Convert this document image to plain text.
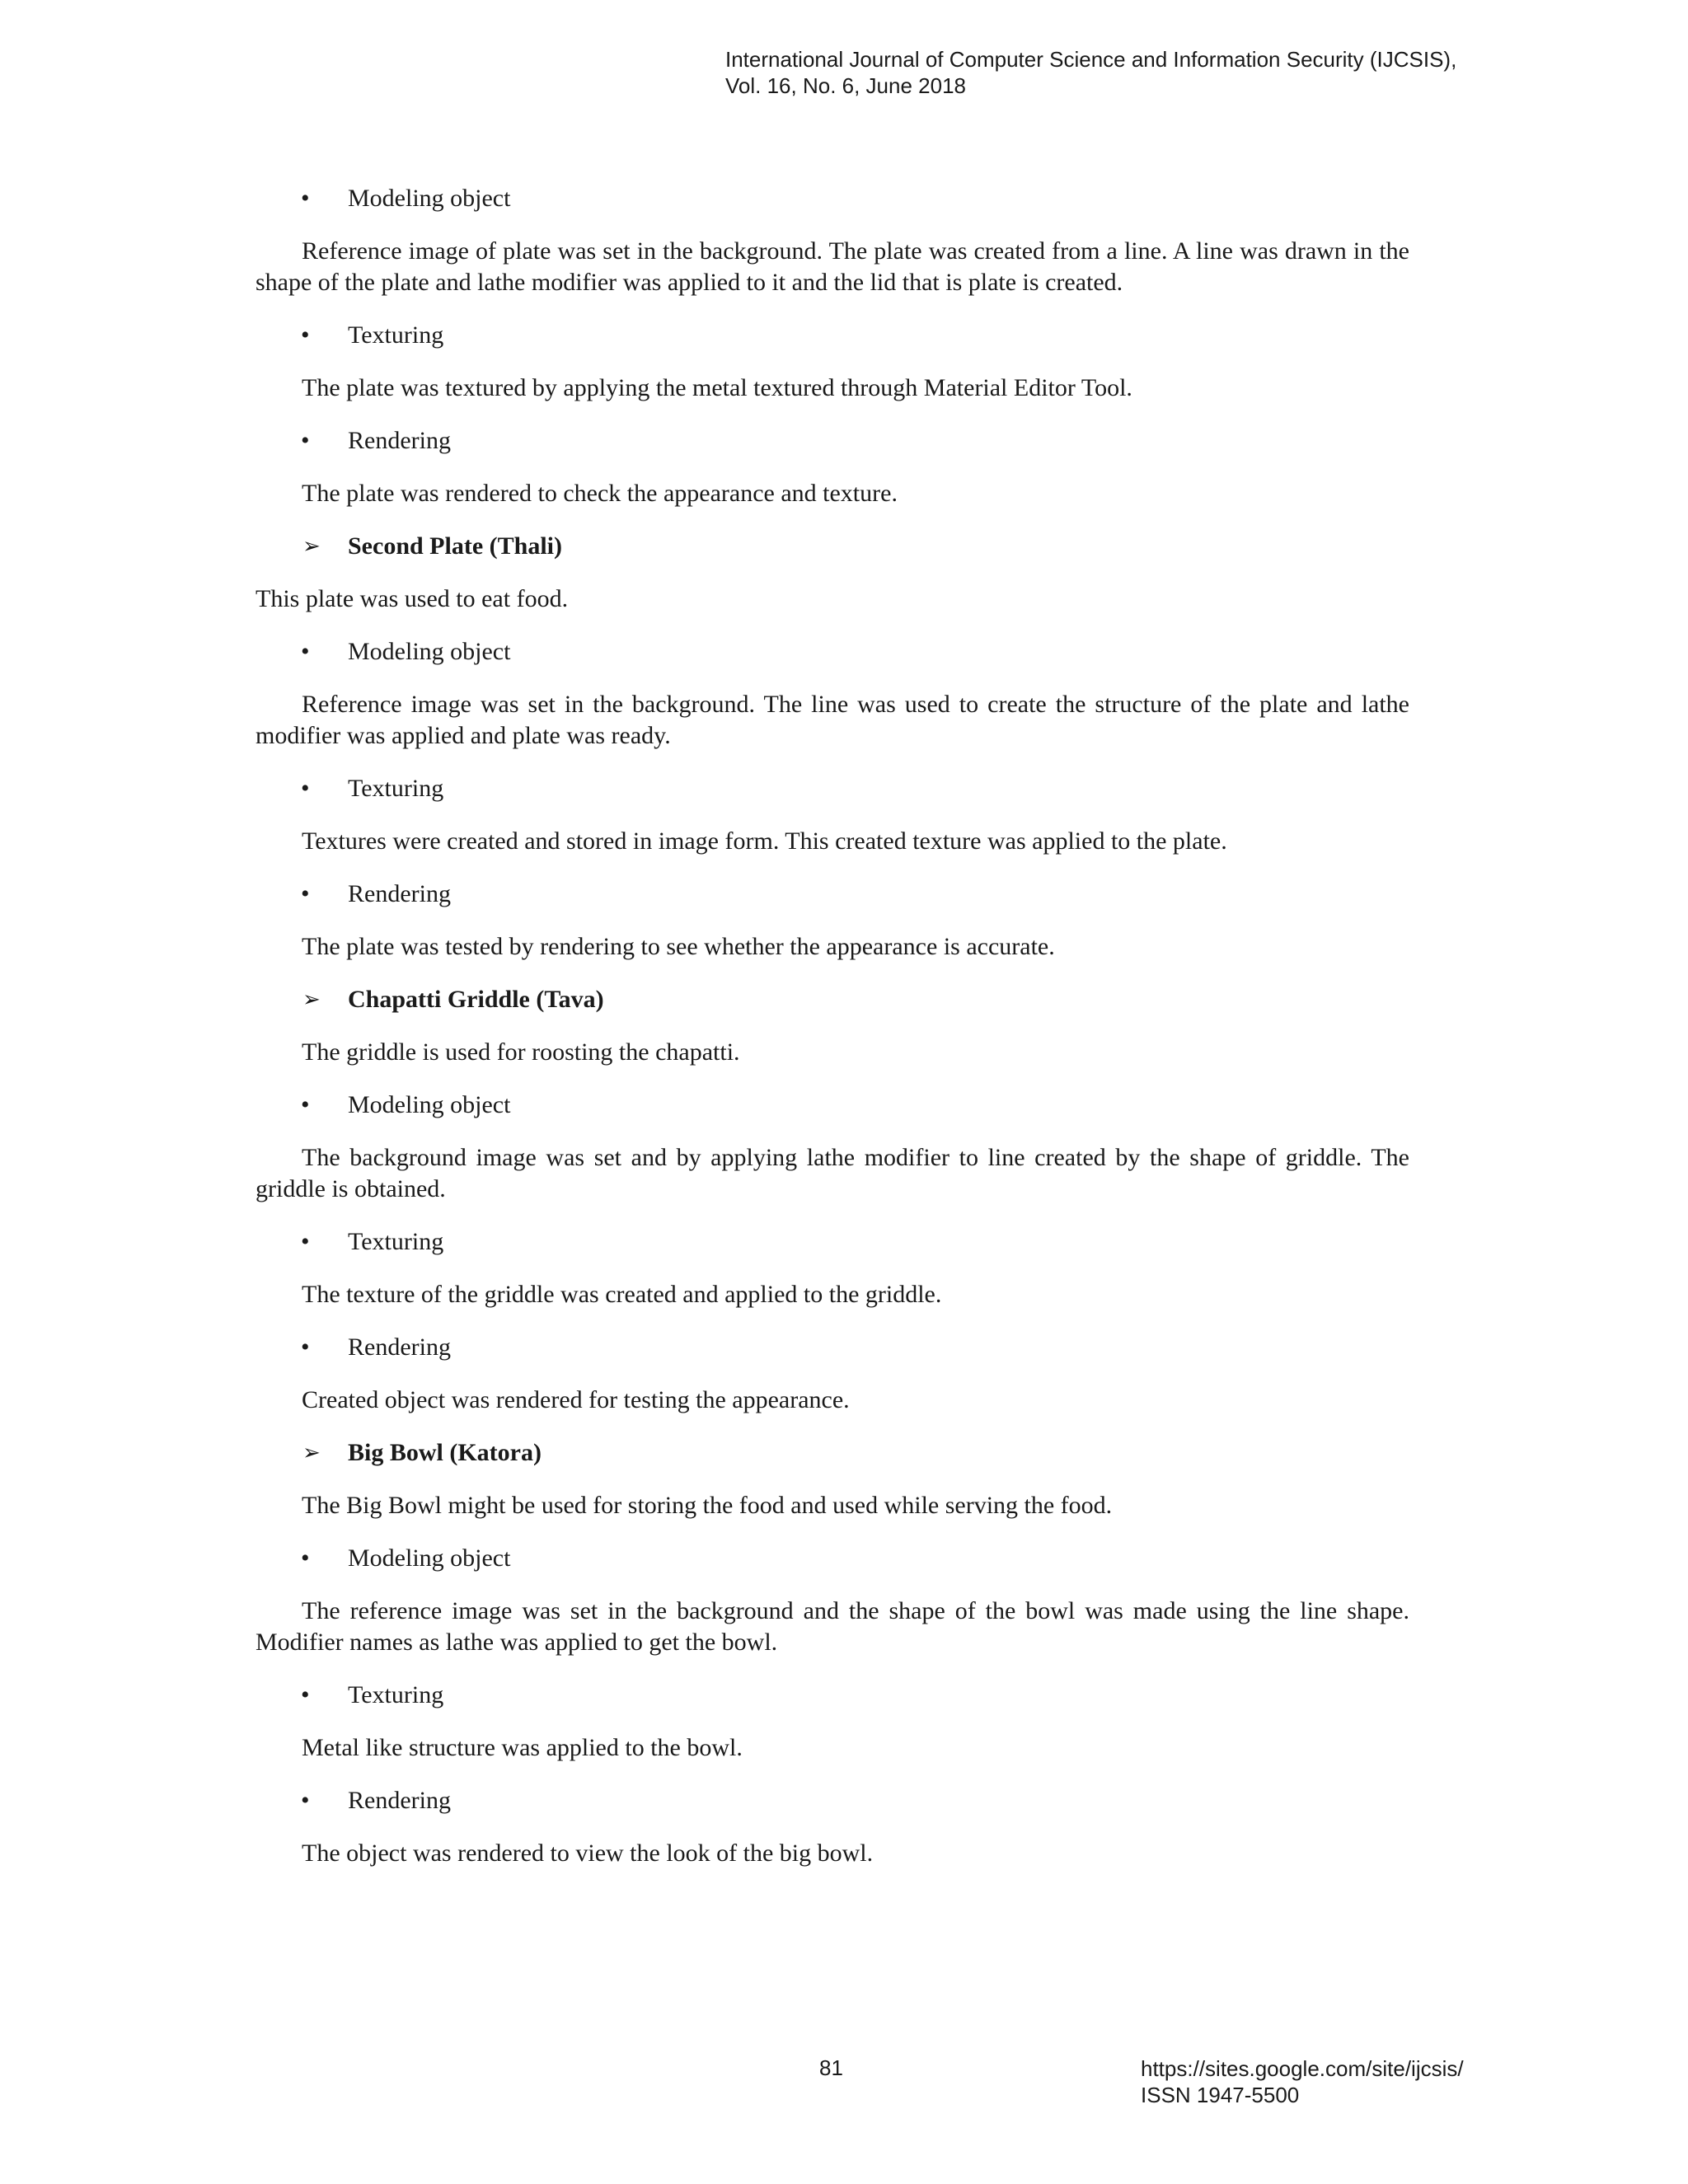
International Journal of Computer Science and Information Security (IJCSIS),
Vol. 16, No. 6, June 2018

• Modeling object

Reference image of plate was set in the background. The plate was created from a line. A line was drawn in the shape of the plate and lathe modifier was applied to it and the lid that is plate is created.

• Texturing

The plate was textured by applying the metal textured through Material Editor Tool.

• Rendering

The plate was rendered to check the appearance and texture.

➢ Second Plate (Thali)

This plate was used to eat food.

• Modeling object

Reference image was set in the background. The line was used to create the structure of the plate and lathe modifier was applied and plate was ready.

• Texturing

Textures were created and stored in image form. This created texture was applied to the plate.

• Rendering

The plate was tested by rendering to see whether the appearance is accurate.

➢ Chapatti Griddle (Tava)

The griddle is used for roosting the chapatti.

• Modeling object

The background image was set and by applying lathe modifier to line created by the shape of griddle. The griddle is obtained.

• Texturing

The texture of the griddle was created and applied to the griddle.

• Rendering

Created object was rendered for testing the appearance.

➢ Big Bowl (Katora)

The Big Bowl might be used for storing the food and used while serving the food.

• Modeling object

The reference image was set in the background and the shape of the bowl was made using the line shape. Modifier names as lathe was applied to get the bowl.

• Texturing

Metal like structure was applied to the bowl.

• Rendering

The object was rendered to view the look of the big bowl.

81	https://sites.google.com/site/ijcsis/
ISSN 1947-5500
